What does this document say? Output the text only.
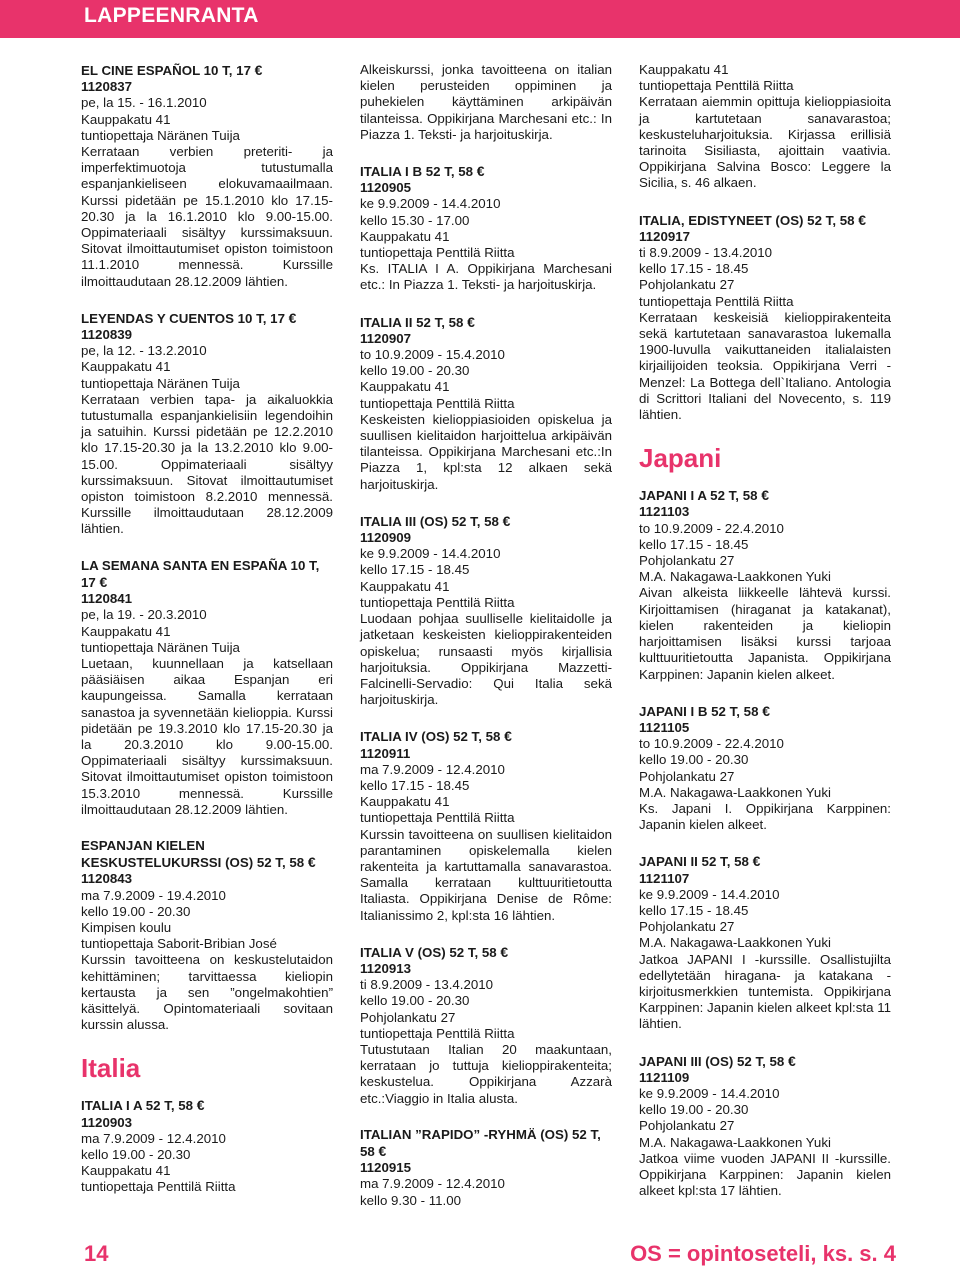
LAPPEENRANTA
EL CINE ESPAÑOL 10 T, 17 €
1120837
pe, la 15. - 16.1.2010
Kauppakatu 41
tuntiopettaja Näränen Tuija
Kerrataan verbien preteriti- ja imperfektimuotoja tutustumalla espanjankieliseen elokuvamaailmaan. Kurssi pidetään pe 15.1.2010 klo 17.15-20.30 ja la 16.1.2010 klo 9.00-15.00. Oppimateriaali sisältyy kurssimaksuun. Sitovat ilmoittautumiset opiston toimistoon 11.1.2010 mennessä. Kurssille ilmoittaudutaan 28.12.2009 lähtien.
LEYENDAS Y CUENTOS 10 T, 17 €
1120839
pe, la 12. - 13.2.2010
Kauppakatu 41
tuntiopettaja Näränen Tuija
Kerrataan verbien tapa- ja aikaluokkia tutustumalla espanjankielisiin legendoihin ja satuihin. Kurssi pidetään pe 12.2.2010 klo 17.15-20.30 ja la 13.2.2010 klo 9.00-15.00. Oppimateriaali sisältyy kurssimaksuun. Sitovat ilmoittautumiset opiston toimistoon 8.2.2010 mennessä. Kurssille ilmoittaudutaan 28.12.2009 lähtien.
LA SEMANA SANTA EN ESPAÑA 10 T, 17 €
1120841
pe, la 19. - 20.3.2010
Kauppakatu 41
tuntiopettaja Näränen Tuija
Luetaan, kuunnellaan ja katsellaan pääsiäisen aikaa Espanjan eri kaupungeissa. Samalla kerrataan sanastoa ja syvennetään kielioppia. Kurssi pidetään pe 19.3.2010 klo 17.15-20.30 ja la 20.3.2010 klo 9.00-15.00. Oppimateriaali sisältyy kurssimaksuun. Sitovat ilmoittautumiset opiston toimistoon 15.3.2010 mennessä. Kurssille ilmoittaudutaan 28.12.2009 lähtien.
ESPANJAN KIELEN KESKUSTELUKURSSI (OS) 52 T, 58 €
1120843
ma 7.9.2009 - 19.4.2010
kello 19.00 - 20.30
Kimpisen koulu
tuntiopettaja Saborit-Bribian José
Kurssin tavoitteena on keskustelutaidon kehittäminen; tarvittaessa kieliopin kertausta ja sen ”ongelmakohtien” käsittelyä. Opintomateriaali sovitaan kurssin alussa.
Italia
ITALIA I A 52 T, 58 €
1120903
ma 7.9.2009 - 12.4.2010
kello 19.00 - 20.30
Kauppakatu 41
tuntiopettaja Penttilä Riitta
Alkeiskurssi, jonka tavoitteena on italian kielen perusteiden oppiminen ja puhekielen käyttäminen arkipäivän tilanteissa. Oppikirjana Marchesani etc.: In Piazza 1. Teksti- ja harjoituskirja.
ITALIA I B 52 T, 58 €
1120905
ke 9.9.2009 - 14.4.2010
kello 15.30 - 17.00
Kauppakatu 41
tuntiopettaja Penttilä Riitta
Ks. ITALIA I A. Oppikirjana Marchesani etc.: In Piazza 1. Teksti- ja harjoituskirja.
ITALIA II 52 T, 58 €
1120907
to 10.9.2009 - 15.4.2010
kello 19.00 - 20.30
Kauppakatu 41
tuntiopettaja Penttilä Riitta
Keskeisten kielioppiasioiden opiskelua ja suullisen kielitaidon harjoittelua arkipäivän tilanteissa. Oppikirjana Marchesani etc.:In Piazza 1, kpl:sta 12 alkaen sekä harjoituskirja.
ITALIA III (OS) 52 T, 58 €
1120909
ke 9.9.2009 - 14.4.2010
kello 17.15 - 18.45
Kauppakatu 41
tuntiopettaja Penttilä Riitta
Luodaan pohjaa suulliselle kielitaidolle ja jatketaan keskeisten kielioppirakenteiden opiskelua; runsaasti myös kirjallisia harjoituksia. Oppikirjana Mazzetti-Falcinelli-Servadio: Qui Italia sekä harjoituskirja.
ITALIA IV (OS) 52 T, 58 €
1120911
ma 7.9.2009 - 12.4.2010
kello 17.15 - 18.45
Kauppakatu 41
tuntiopettaja Penttilä Riitta
Kurssin tavoitteena on suullisen kielitaidon parantaminen opiskelemalla kielen rakenteita ja kartuttamalla sanavarastoa. Samalla kerrataan kulttuuritietoutta Italiasta. Oppikirjana Denise de Rôme: Italianissimo 2, kpl:sta 16 lähtien.
ITALIA V (OS) 52 T, 58 €
1120913
ti 8.9.2009 - 13.4.2010
kello 19.00 - 20.30
Pohjolankatu 27
tuntiopettaja Penttilä Riitta
Tutustutaan Italian 20 maakuntaan, kerrataan jo tuttuja kielioppirakenteita; keskustelua. Oppikirjana Azzarà etc.:Viaggio in Italia alusta.
ITALIAN ”RAPIDO” -RYHMÄ (OS) 52 T, 58 €
1120915
ma 7.9.2009 - 12.4.2010
kello 9.30 - 11.00
Kauppakatu 41
tuntiopettaja Penttilä Riitta
Kerrataan aiemmin opittuja kielioppiasioita ja kartutetaan sanavarastoa; keskusteluharjoituksia. Kirjassa erillisiä tarinoita Sisiliasta, ajoittain vaativia. Oppikirjana Salvina Bosco: Leggere la Sicilia, s. 46 alkaen.
ITALIA, EDISTYNEET (OS) 52 T, 58 €
1120917
ti 8.9.2009 - 13.4.2010
kello 17.15 - 18.45
Pohjolankatu 27
tuntiopettaja Penttilä Riitta
Kerrataan keskeisiä kielioppirakenteita sekä kartutetaan sanavarastoa lukemalla 1900-luvulla vaikuttaneiden italialaisten kirjailijoiden teoksia. Oppikirjana Verri - Menzel: La Bottega dell`Italiano. Antologia di Scrittori Italiani del Novecento, s. 119 lähtien.
Japani
JAPANI I A 52 T, 58 €
1121103
to 10.9.2009 - 22.4.2010
kello 17.15 - 18.45
Pohjolankatu 27
M.A. Nakagawa-Laakkonen Yuki
Aivan alkeista liikkeelle lähtevä kurssi. Kirjoittamisen (hiraganat ja katakanat), kielen rakenteiden ja kieliopin harjoittamisen lisäksi kurssi tarjoaa kulttuuritietoutta Japanista. Oppikirjana Karppinen: Japanin kielen alkeet.
JAPANI I B 52 T, 58 €
1121105
to 10.9.2009 - 22.4.2010
kello 19.00 - 20.30
Pohjolankatu 27
M.A. Nakagawa-Laakkonen Yuki
Ks. Japani I. Oppikirjana Karppinen: Japanin kielen alkeet.
JAPANI II 52 T, 58 €
1121107
ke 9.9.2009 - 14.4.2010
kello 17.15 - 18.45
Pohjolankatu 27
M.A. Nakagawa-Laakkonen Yuki
Jatkoa JAPANI I -kurssille. Osallistujilta edellytetään hiragana- ja katakana -kirjoitusmerkkien tuntemista. Oppikirjana Karppinen: Japanin kielen alkeet kpl:sta 11 lähtien.
JAPANI III (OS) 52 T, 58 €
1121109
ke 9.9.2009 - 14.4.2010
kello 19.00 - 20.30
Pohjolankatu 27
M.A. Nakagawa-Laakkonen Yuki
Jatkoa viime vuoden JAPANI II -kurssille. Oppikirjana Karppinen: Japanin kielen alkeet kpl:sta 17 lähtien.
14	OS = opintoseteli, ks. s. 4
